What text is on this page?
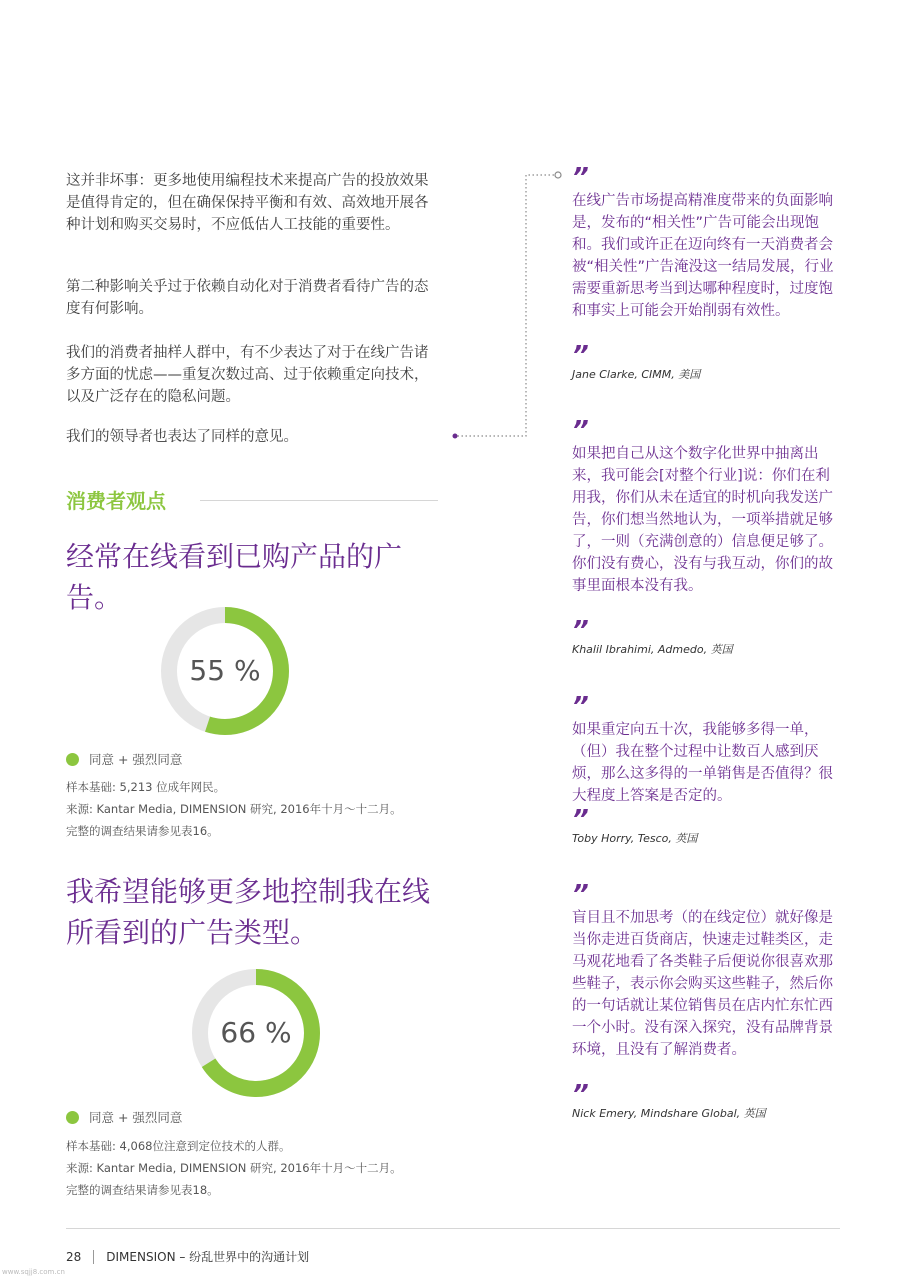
这并非坏事：更多地使用编程技术来提高广告的投放效果是值得肯定的，但在确保保持平衡和有效、高效地开展各种计划和购买交易时，不应低估人工技能的重要性。

第二种影响关乎过于依赖自动化对于消费者看待广告的态度有何影响。

我们的消费者抽样人群中，有不少表达了对于在线广告诸多方面的忧虑——重复次数过高、过于依赖重定向技术，以及广泛存在的隐私问题。

我们的领导者也表达了同样的意见。

消费者观点

经常在线看到已购产品的广告。

55 %
同意 + 强烈同意

样本基础: 5,213 位成年网民。

来源: Kantar Media, DIMENSION 研究, 2016年十月～十二月。

完整的调查结果请参见表16。

我希望能够更多地控制我在线所看到的广告类型。

66 %
同意 + 强烈同意

样本基础: 4,068位注意到定位技术的人群。

来源: Kantar Media, DIMENSION 研究, 2016年十月～十二月。

完整的调查结果请参见表18。

”

在线广告市场提高精准度带来的负面影响是，发布的“相关性”广告可能会出现饱和。我们或许正在迈向终有一天消费者会被“相关性”广告淹没这一结局发展，行业需要重新思考当到达哪种程度时，过度饱和事实上可能会开始削弱有效性。

”
Jane Clarke, CIMM, 美国
”

如果把自己从这个数字化世界中抽离出来，我可能会[对整个行业]说：你们在利用我，你们从未在适宜的时机向我发送广告，你们想当然地认为，一项举措就足够了，一则（充满创意的）信息便足够了。你们没有费心，没有与我互动，你们的故事里面根本没有我。

”
Khalil Ibrahimi, Admedo, 英国
”

如果重定向五十次，我能够多得一单，（但）我在整个过程中让数百人感到厌烦，那么这多得的一单销售是否值得？很大程度上答案是否定的。

”
Toby Horry, Tesco, 英国
”

盲目且不加思考（的在线定位）就好像是当你走进百货商店，快速走过鞋类区，走马观花地看了各类鞋子后便说你很喜欢那些鞋子，表示你会购买这些鞋子，然后你的一句话就让某位销售员在店内忙东忙西一个小时。没有深入探究，没有品牌背景环境，且没有了解消费者。

”
Nick Emery, Mindshare Global, 英国
28 DIMENSION – 纷乱世界中的沟通计划
www.sqjj8.com.cn
